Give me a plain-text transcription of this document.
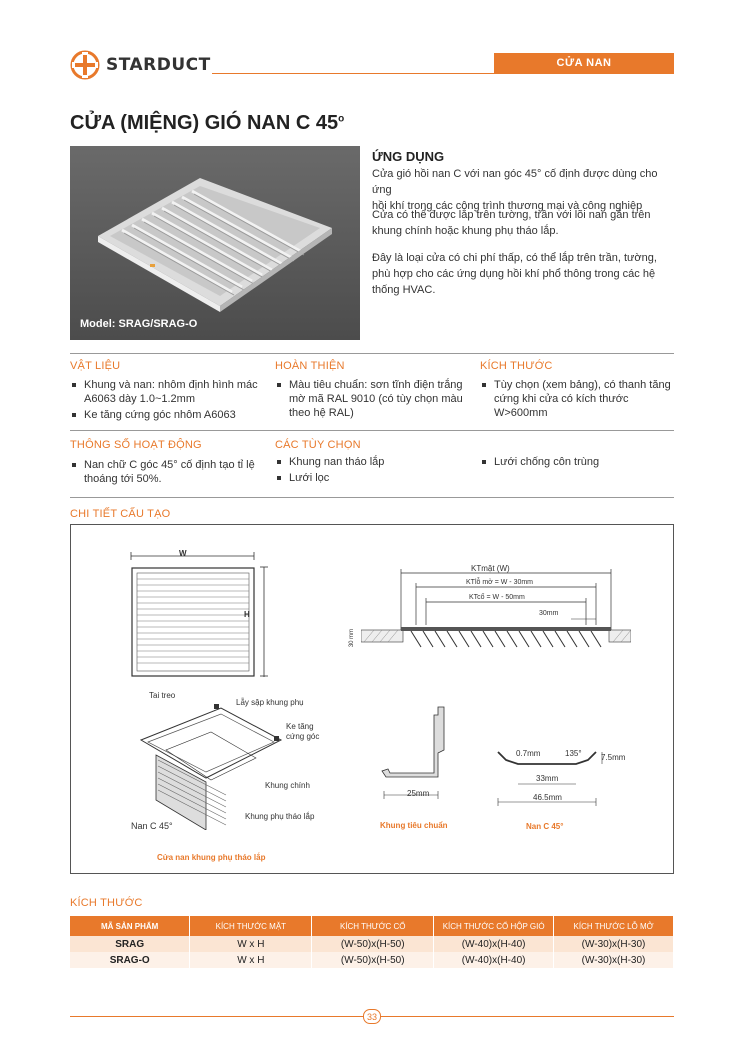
STARDUCT	CỬA NAN
CỬA (MIỆNG) GIÓ NAN C 45$^o$
Model: SRAG/SRAG-O
ỨNG DỤNG
Cửa gió hồi nan C với nan góc 45° cố định được dùng cho ứng
hồi khí trong các công trình thương mại và công nghiệp
Cửa có thể được lắp trên tường, trần với lõi nan gắn trên
khung chính hoặc khung phụ tháo lắp.
Đây là loại cửa có chi phí thấp, có thể lắp trên trần, tường,
phù hợp cho các ứng dụng hồi khí phổ thông trong các hệ
thống HVAC.
VẬT LIỆU
Khung và nan: nhôm định hình mác A6063 dày 1.0~1.2mm
Ke tăng cứng góc nhôm A6063
HOÀN THIỆN
Màu tiêu chuẩn: sơn tĩnh điện trắng mờ mã RAL 9010 (có tùy chọn màu theo hệ RAL)
KÍCH THƯỚC
Tùy chọn (xem bảng), có thanh tăng cứng khi cửa có kích thước W>600mm
THÔNG SỐ HOẠT ĐỘNG
Nan chữ C góc 45° cố định tạo tỉ lệ thoáng tới 50%.
CÁC TÙY CHỌN
Khung nan tháo lắp
Lưới lọc
Lưới chống côn trùng
CHI TIẾT CẤU TẠO
W
H
KTmặt (W)
KTlỗ mở = W - 30mm
KTcổ = W - 50mm
30mm
30 mm
Tai treo
Lẫy sập khung phụ
Ke tăng cứng góc
Khung chính
Khung phụ tháo lắp
Nan C 45°
Cửa nan khung phụ tháo lắp
25mm
Khung tiêu chuẩn
0.7mm	135° 7.5mm
33mm
46.5mm
Nan C 45°
KÍCH THƯỚC
MÃ SẢN PHẨM	KÍCH THƯỚC MẶT	KÍCH THƯỚC CỔ	KÍCH THƯỚC CỔ HỘP GIÓ	KÍCH THƯỚC LỖ MỞ
SRAG	W x H	(W-50)x(H-50)	(W-40)x(H-40)	(W-30)x(H-30)
SRAG-O	W x H	(W-50)x(H-50)	(W-40)x(H-40)	(W-30)x(H-30)
33
